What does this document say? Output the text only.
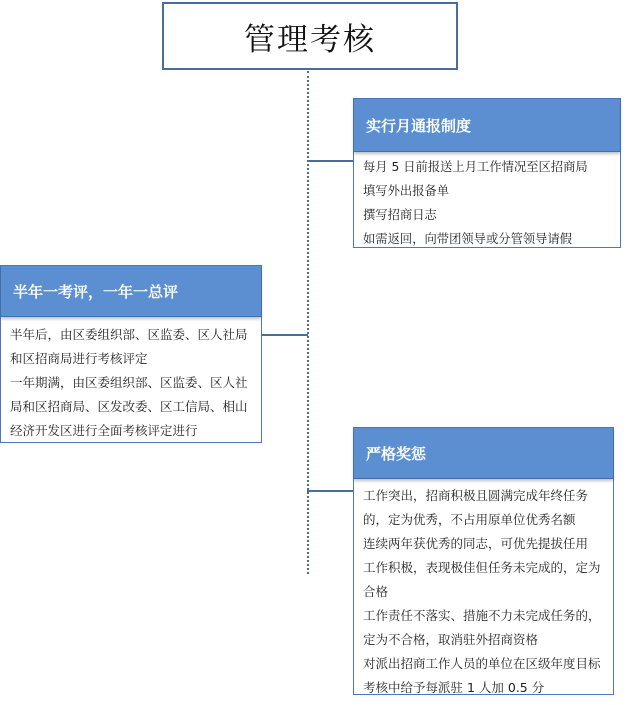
管理考核
实行月通报制度
每月 5 日前报送上月工作情况至区招商局
填写外出报备单
撰写招商日志
如需返回，向带团领导或分管领导请假
半年一考评，一年一总评
半年后，由区委组织部、区监委、区人社局和区招商局进行考核评定
一年期满，由区委组织部、区监委、区人社局和区招商局、区发改委、区工信局、相山经济开发区进行全面考核评定进行
严格奖惩
工作突出，招商积极且圆满完成年终任务的，定为优秀，不占用原单位优秀名额
连续两年获优秀的同志，可优先提拔任用
工作积极，表现极佳但任务未完成的，定为合格
工作责任不落实、措施不力未完成任务的，定为不合格，取消驻外招商资格
对派出招商工作人员的单位在区级年度目标考核中给予每派驻 1 人加 0.5 分
